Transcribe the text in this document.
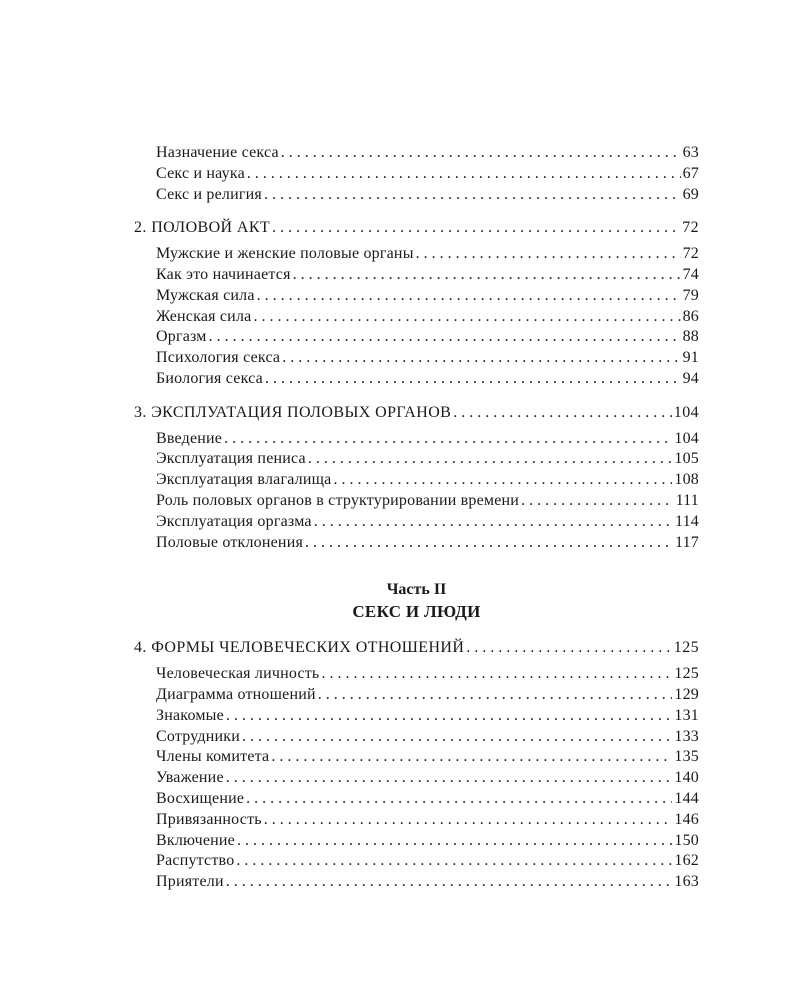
Назначение секса . . .	63
Секс и наука . . .	67
Секс и религия . . .	69
2. ПОЛОВОЙ АКТ . . .	72
Мужские и женские половые органы . . .	72
Как это начинается . . .	74
Мужская сила . . .	79
Женская сила . . .	86
Оргазм . . .	88
Психология секса . . .	91
Биология секса . . .	94
3. ЭКСПЛУАТАЦИЯ ПОЛОВЫХ ОРГАНОВ . . .	104
Введение . . .	104
Эксплуатация пениса . . .	105
Эксплуатация влагалища . . .	108
Роль половых органов в структурировании времени . . .	111
Эксплуатация оргазма . . .	114
Половые отклонения . . .	117
Часть II
СЕКС И ЛЮДИ
4. ФОРМЫ ЧЕЛОВЕЧЕСКИХ ОТНОШЕНИЙ . . .	125
Человеческая личность . . .	125
Диаграмма отношений . . .	129
Знакомые . . .	131
Сотрудники . . .	133
Члены комитета . . .	135
Уважение . . .	140
Восхищение . . .	144
Привязанность . . .	146
Включение . . .	150
Распутство . . .	162
Приятели . . .	163
